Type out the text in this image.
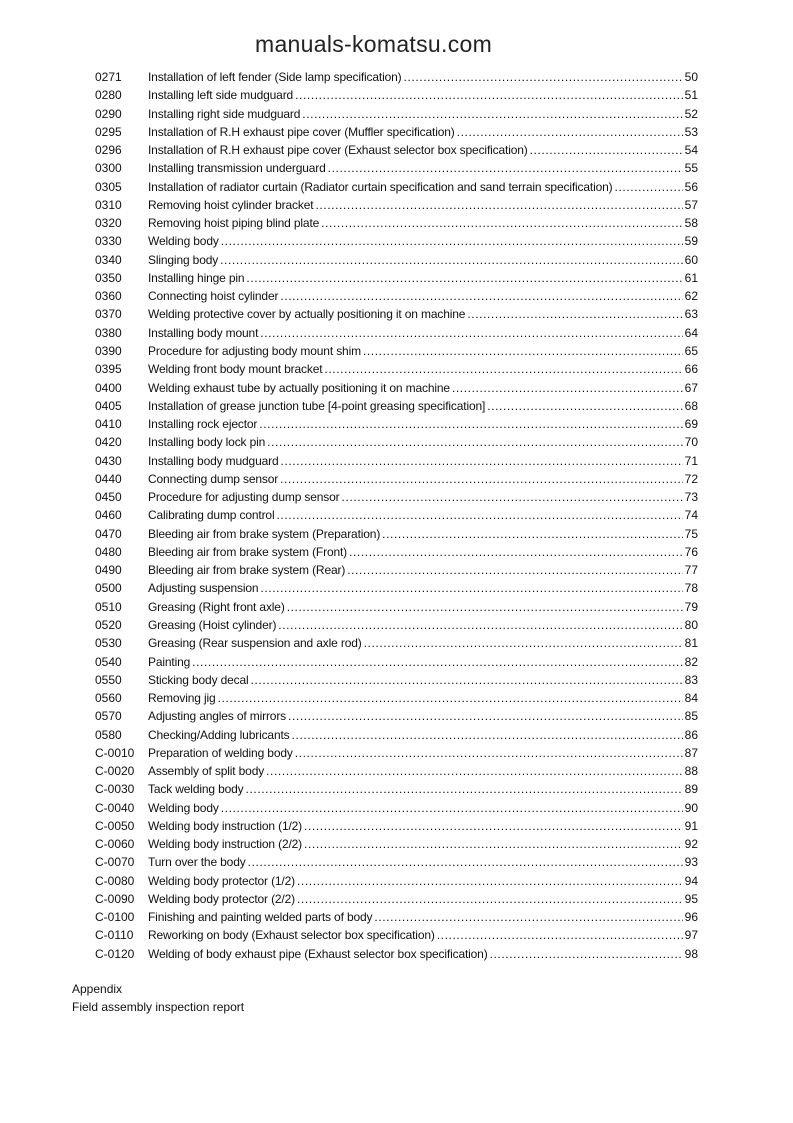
0271	Installation of left fender (Side lamp specification) .....	50
0280	Installing left side mudguard .....	51
0290	Installing right side mudguard .....	52
0295	Installation of R.H exhaust pipe cover (Muffler specification) .....	53
0296	Installation of R.H exhaust pipe cover (Exhaust selector box specification) .....	54
0300	Installing transmission underguard .....	55
0305	Installation of radiator curtain (Radiator curtain specification and sand terrain specification) .....	56
0310	Removing hoist cylinder bracket .....	57
0320	Removing hoist piping blind plate .....	58
0330	Welding body .....	59
0340	Slinging body .....	60
0350	Installing hinge pin .....	61
0360	Connecting hoist cylinder .....	62
0370	Welding protective cover by actually positioning it on machine .....	63
0380	Installing body mount .....	64
0390	Procedure for adjusting body mount shim .....	65
0395	Welding front body mount bracket .....	66
0400	Welding exhaust tube by actually positioning it on machine .....	67
0405	Installation of grease junction tube [4-point greasing specification] .....	68
0410	Installing rock ejector .....	69
0420	Installing body lock pin .....	70
0430	Installing body mudguard .....	71
0440	Connecting dump sensor .....	72
0450	Procedure for adjusting dump sensor .....	73
0460	Calibrating dump control .....	74
0470	Bleeding air from brake system (Preparation) .....	75
0480	Bleeding air from brake system (Front) .....	76
0490	Bleeding air from brake system (Rear) .....	77
0500	Adjusting suspension .....	78
0510	Greasing (Right front axle) .....	79
0520	Greasing (Hoist cylinder) .....	80
0530	Greasing (Rear suspension and axle rod) .....	81
0540	Painting .....	82
0550	Sticking body decal .....	83
0560	Removing jig .....	84
0570	Adjusting angles of mirrors .....	85
0580	Checking/Adding lubricants .....	86
C-0010	Preparation of welding body .....	87
C-0020	Assembly of split body .....	88
C-0030	Tack welding body .....	89
C-0040	Welding body .....	90
C-0050	Welding body instruction (1/2) .....	91
C-0060	Welding body instruction (2/2) .....	92
C-0070	Turn over the body .....	93
C-0080	Welding body protector (1/2) .....	94
C-0090	Welding body protector (2/2) .....	95
C-0100	Finishing and painting welded parts of body .....	96
C-0110	Reworking on body (Exhaust selector box specification) .....	97
C-0120	Welding of body exhaust pipe (Exhaust selector box specification) .....	98
Appendix
Field assembly inspection report
manuals-komatsu.com
